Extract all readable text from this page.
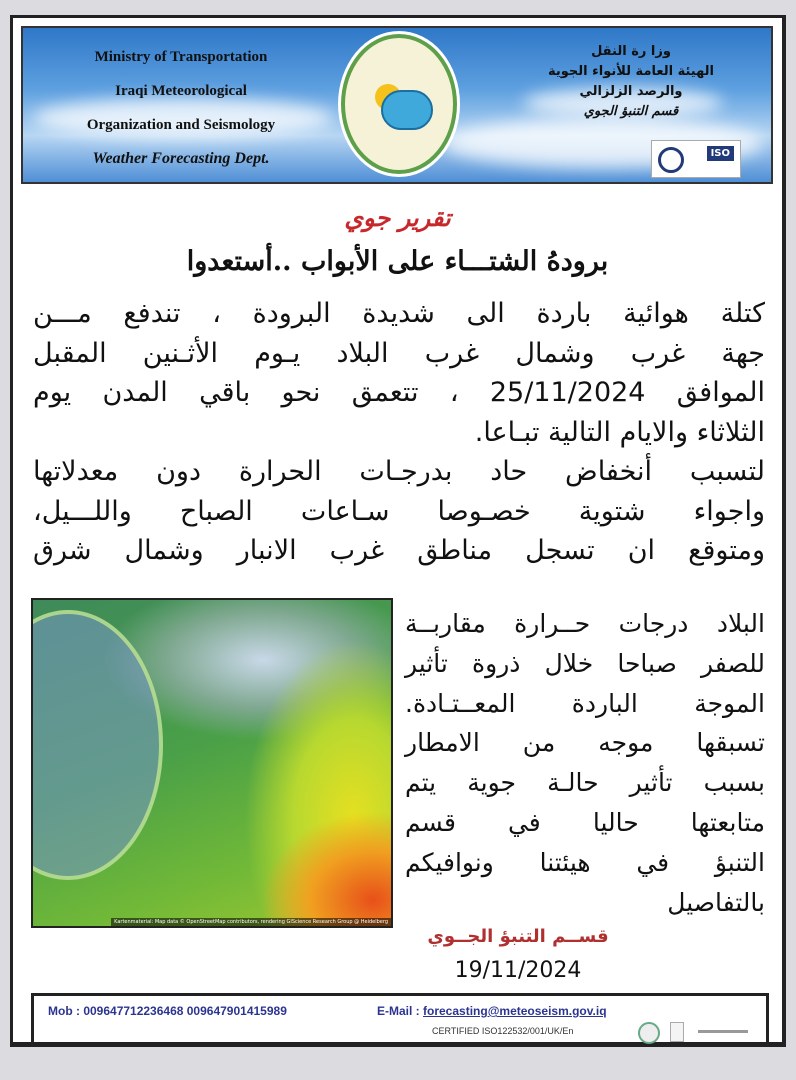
Ministry of Transportation
Iraqi Meteorological
Organization and Seismology
Weather Forecasting Dept.
وزا رة النقل
الهيئة العامة للأنواء الجوية
والرصد الزلزالي
قسم التنبؤ الجوي
ISO
تقرير جوي
برودهُ الشتـــاء على الأبواب ..أستعدوا

كتلة هوائية باردة الى شديدة البرودة ، تندفع مـــن

جهة غرب وشمال غرب البلاد يـوم الأثـنين المقبل

الموافق 25/11/2024 ، تتعمق نحو باقي المدن يوم

الثلاثاء والايام التالية تبـاعا.

لتسبب أنخفاض حاد بدرجـات الحرارة دون معدلاتها

واجواء شتوية خصـوصا سـاعات الصباح واللـــيل،

ومتوقع ان تسجل مناطق غرب الانبار وشمال شرق

Kartenmaterial: Map data © OpenStreetMap contributors, rendering GIScience Research Group @ Heidelberg

البلاد درجات حــرارة مقاربــة

للصفر صباحا خلال ذروة تأثير

الموجة الباردة المعــتـادة.

تسبقها موجه من الامطار

بسبب تأثير حالـة جوية يتم

متابعتها حاليا في قسم

التنبؤ في هيئتنا ونوافيكم

بالتفاصيل

قســم التنبؤ الجــوي
19/11/2024
Mob : 009647712236468 009647901415989	E-Mail : forecasting@meteoseism.gov.iq
CERTIFIED ISO122532/001/UK/En
